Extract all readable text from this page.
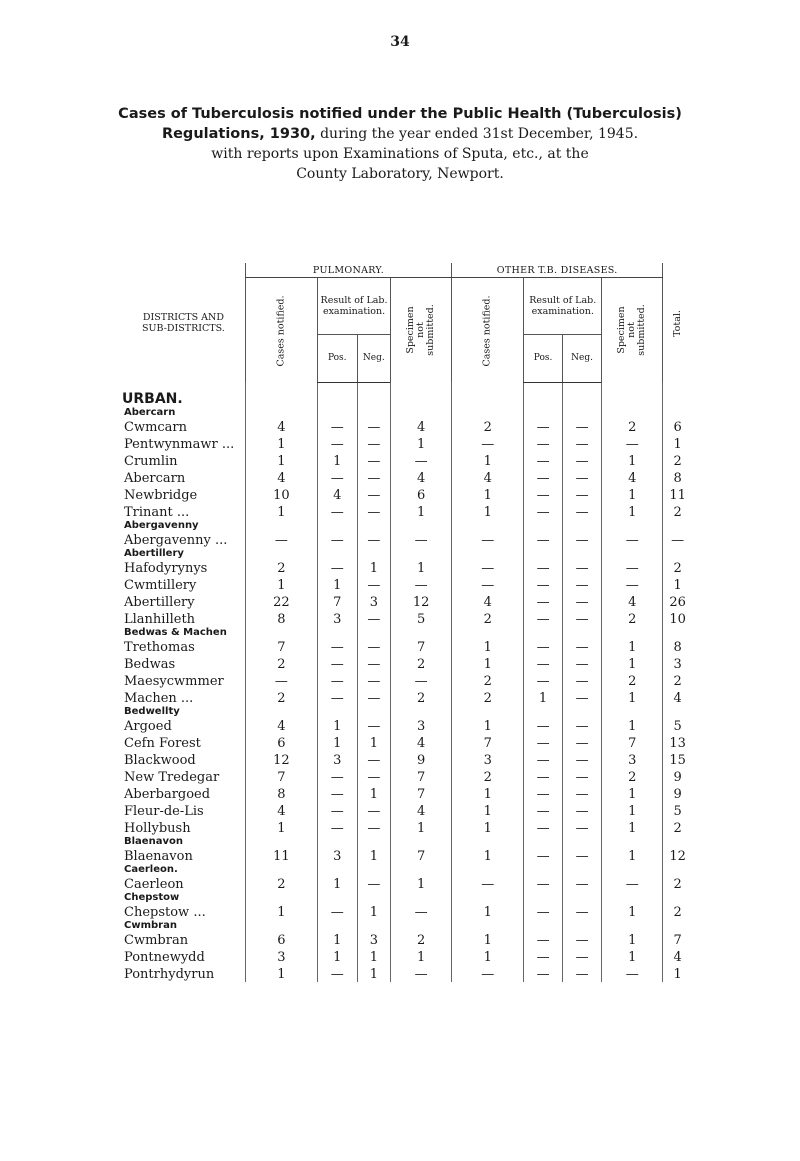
34
Cases of Tuberculosis notified under the Public Health (Tuberculosis)
Regulations, 1930, during the year ended 31st December, 1945.
with reports upon Examinations of Sputa, etc., at the
County Laboratory, Newport.
DISTRICTS AND SUB-DISTRICTS.	PULMONARY.				OTHER T.B. DISEASES.				Total.
	Cases notified.	Result of Lab. examination.		Specimen not submitted.	Cases notified.	Result of Lab. examination.		Specimen not submitted.	
		Pos.	Neg.			Pos.	Neg.		
URBAN.									
Abercarn									
Cwmcarn	4	—	—	4	2	—	—	2	6
Pentwynmawr ...	1	—	—	1	—	—	—	—	1
Crumlin	1	1	—	—	1	—	—	1	2
Abercarn	4	—	—	4	4	—	—	4	8
Newbridge	10	4	—	6	1	—	—	1	11
Trinant ...	1	—	—	1	1	—	—	1	2
Abergavenny									
Abergavenny ...	—	—	—	—	—	—	—	—	—
Abertillery									
Hafodyrynys	2	—	1	1	—	—	—	—	2
Cwmtillery	1	1	—	—	—	—	—	—	1
Abertillery	22	7	3	12	4	—	—	4	26
Llanhilleth	8	3	—	5	2	—	—	2	10
Bedwas & Machen									
Trethomas	7	—	—	7	1	—	—	1	8
Bedwas	2	—	—	2	1	—	—	1	3
Maesycwmmer	—	—	—	—	2	—	—	2	2
Machen ...	2	—	—	2	2	1	—	1	4
Bedwellty									
Argoed	4	1	—	3	1	—	—	1	5
Cefn Forest	6	1	1	4	7	—	—	7	13
Blackwood	12	3	—	9	3	—	—	3	15
New Tredegar	7	—	—	7	2	—	—	2	9
Aberbargoed	8	—	1	7	1	—	—	1	9
Fleur-de-Lis	4	—	—	4	1	—	—	1	5
Hollybush	1	—	—	1	1	—	—	1	2
Blaenavon									
Blaenavon	11	3	1	7	1	—	—	1	12
Caerleon.									
Caerleon	2	1	—	1	—	—	—	—	2
Chepstow									
Chepstow ...	1	—	1	—	1	—	—	1	2
Cwmbran									
Cwmbran	6	1	3	2	1	—	—	1	7
Pontnewydd	3	1	1	1	1	—	—	1	4
Pontrhydyrun	1	—	1	—	—	—	—	—	1
